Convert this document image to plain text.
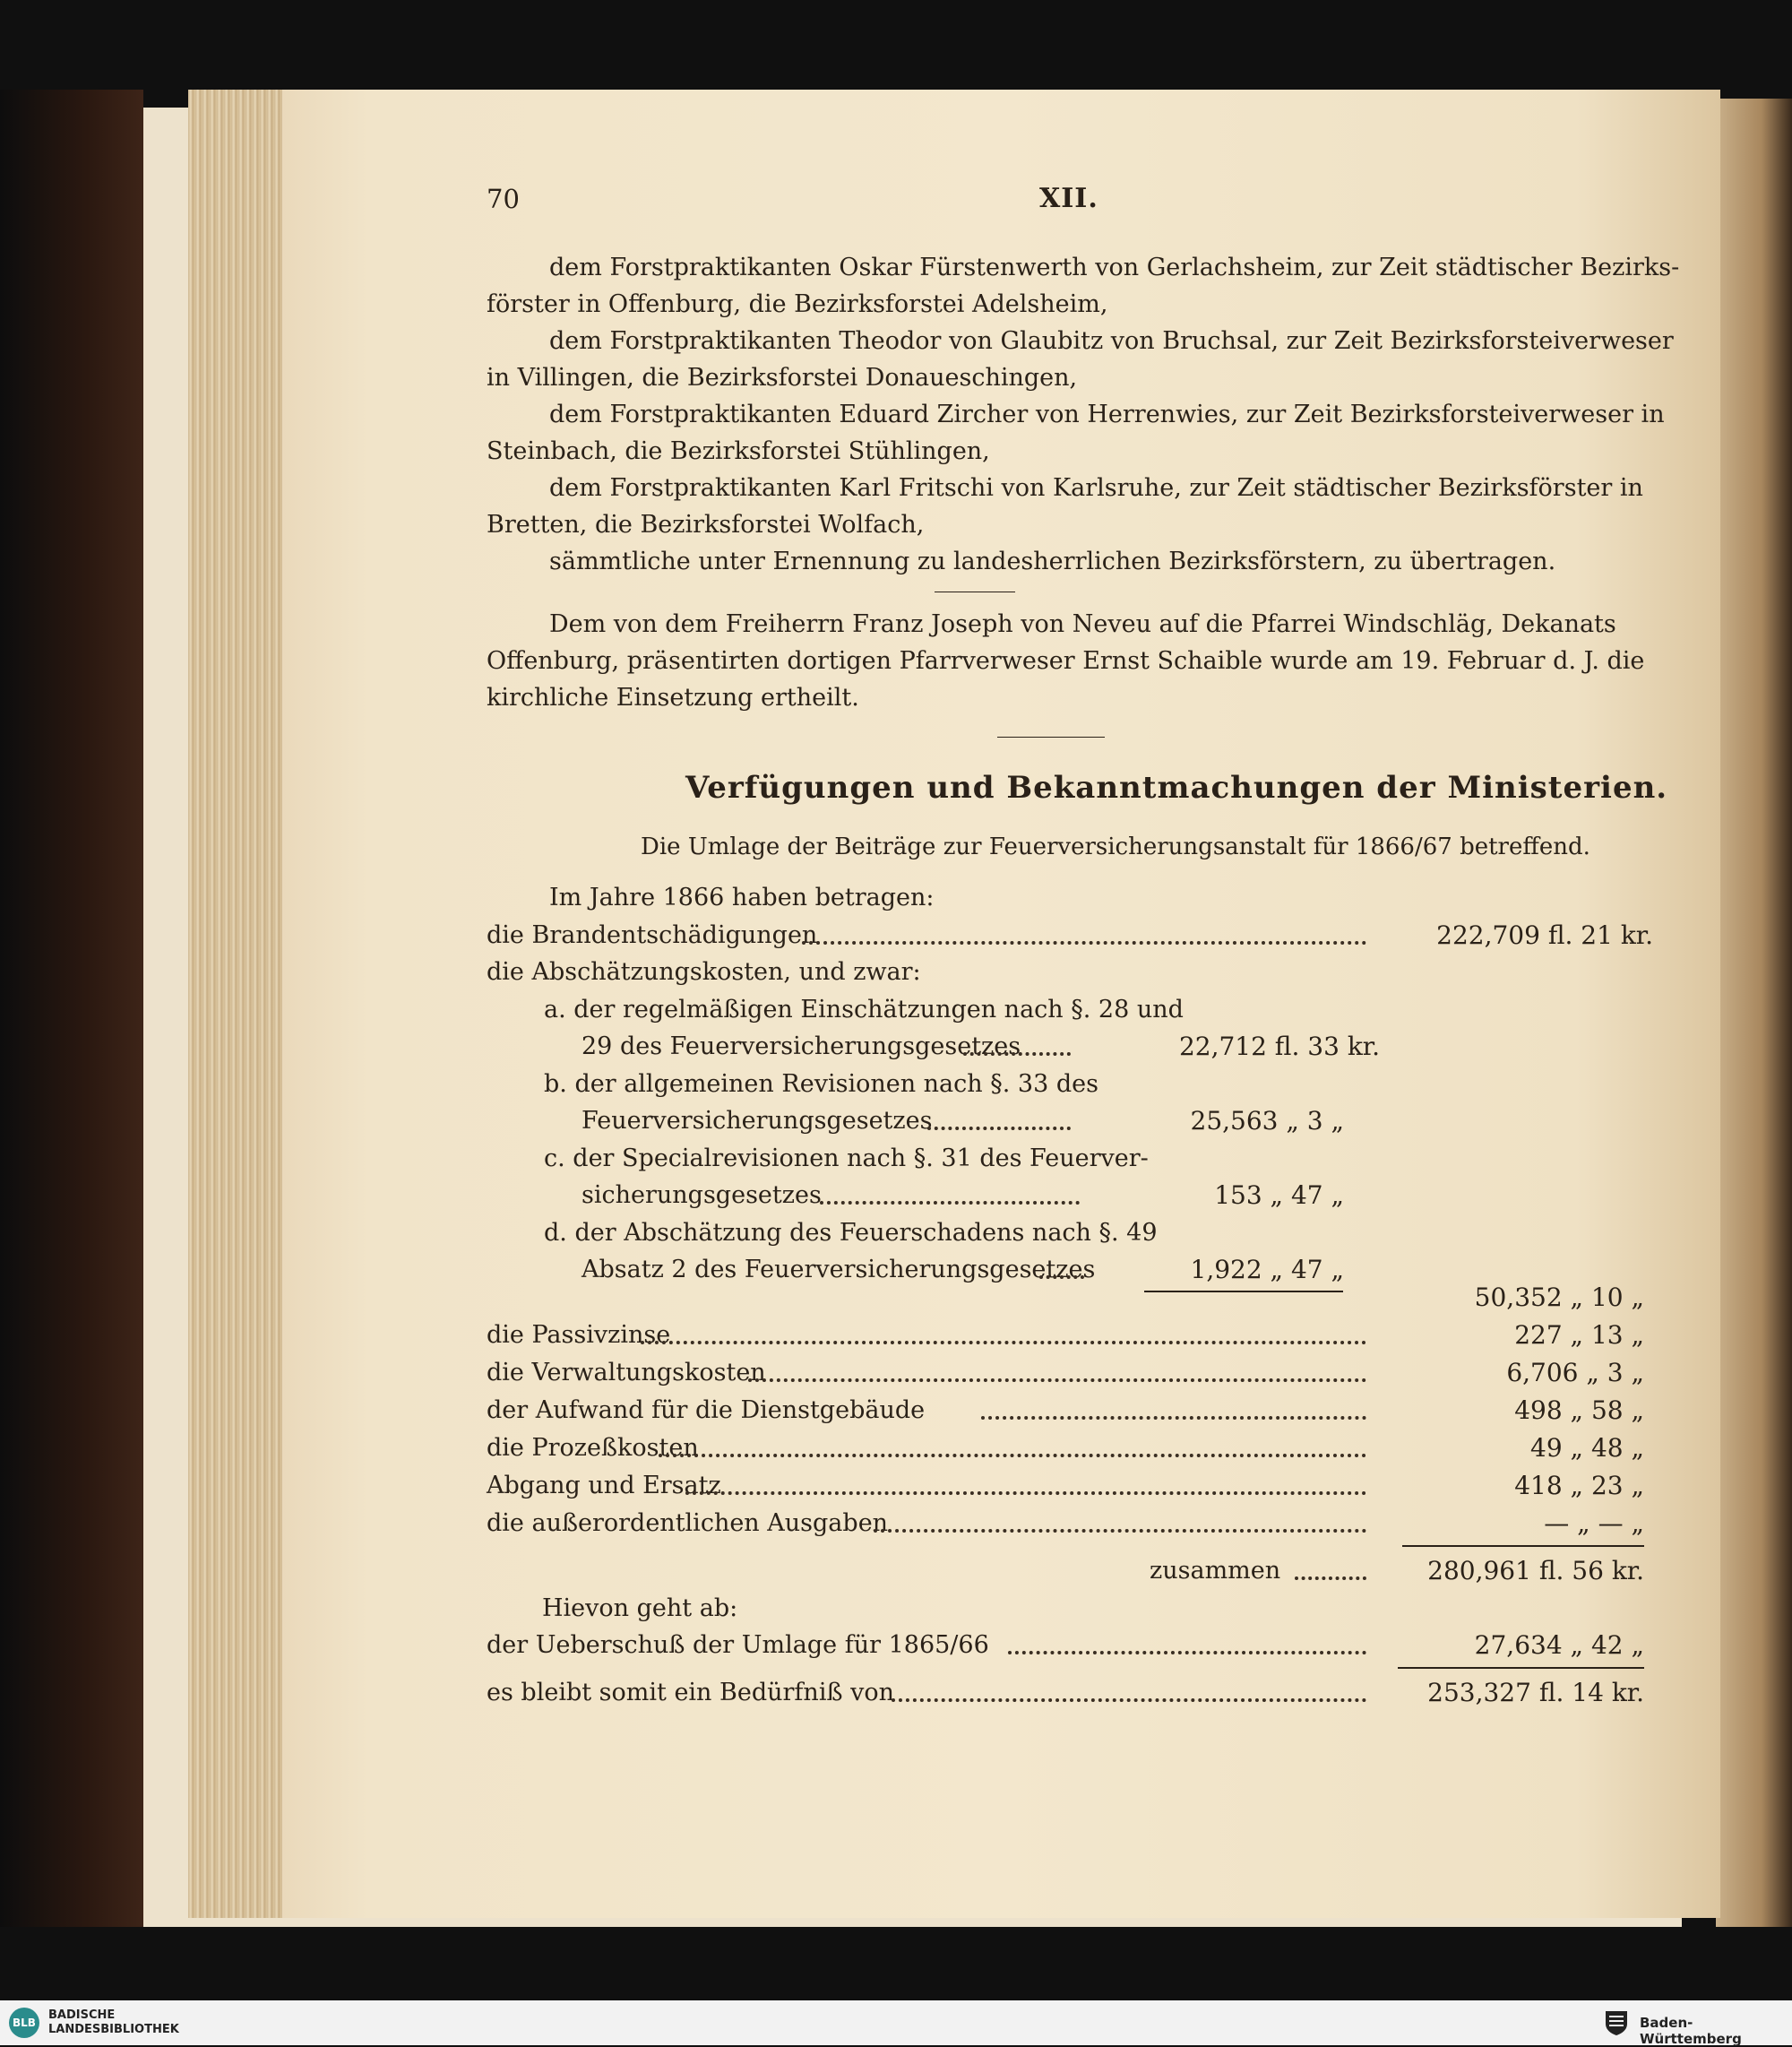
70	XII.
dem Forstpraktikanten Oskar Fürstenwerth von Gerlachsheim, zur Zeit städtischer Bezirks-
förster in Offenburg, die Bezirksforstei Adelsheim,
dem Forstpraktikanten Theodor von Glaubitz von Bruchsal, zur Zeit Bezirksforsteiverweser
in Villingen, die Bezirksforstei Donaueschingen,
dem Forstpraktikanten Eduard Zircher von Herrenwies, zur Zeit Bezirksforsteiverweser in
Steinbach, die Bezirksforstei Stühlingen,
dem Forstpraktikanten Karl Fritschi von Karlsruhe, zur Zeit städtischer Bezirksförster in
Bretten, die Bezirksforstei Wolfach,
sämmtliche unter Ernennung zu landesherrlichen Bezirksförstern, zu übertragen.
Dem von dem Freiherrn Franz Joseph von Neveu auf die Pfarrei Windschläg, Dekanats
Offenburg, präsentirten dortigen Pfarrverweser Ernst Schaible wurde am 19. Februar d. J. die
kirchliche Einsetzung ertheilt.
Verfügungen und Bekanntmachungen der Ministerien.
Die Umlage der Beiträge zur Feuerversicherungsanstalt für 1866/67 betreffend.
Im Jahre 1866 haben betragen:
die Brandentschädigungen	222,709 fl. 21 kr.
die Abschätzungskosten, und zwar:
a. der regelmäßigen Einschätzungen nach §. 28 und
29 des Feuerversicherungsgesetzes	22,712 fl. 33 kr.
b. der allgemeinen Revisionen nach §. 33 des
Feuerversicherungsgesetzes	25,563 „ 3 „
c. der Specialrevisionen nach §. 31 des Feuerver-
sicherungsgesetzes	153 „ 47 „
d. der Abschätzung des Feuerschadens nach §. 49
Absatz 2 des Feuerversicherungsgesetzes	1,922 „ 47 „
50,352 „ 10 „
die Passivzinse	227 „ 13 „
die Verwaltungskosten	6,706 „ 3 „
der Aufwand für die Dienstgebäude	498 „ 58 „
die Prozeßkosten	49 „ 48 „
Abgang und Ersatz	418 „ 23 „
die außerordentlichen Ausgaben	— „ — „
zusammen	280,961 fl. 56 kr.
Hievon geht ab:
der Ueberschuß der Umlage für 1865/66	27,634 „ 42 „
es bleibt somit ein Bedürfniß von	253,327 fl. 14 kr.
BLB
BADISCHE
LANDESBIBLIOTHEK	Baden-Württemberg
